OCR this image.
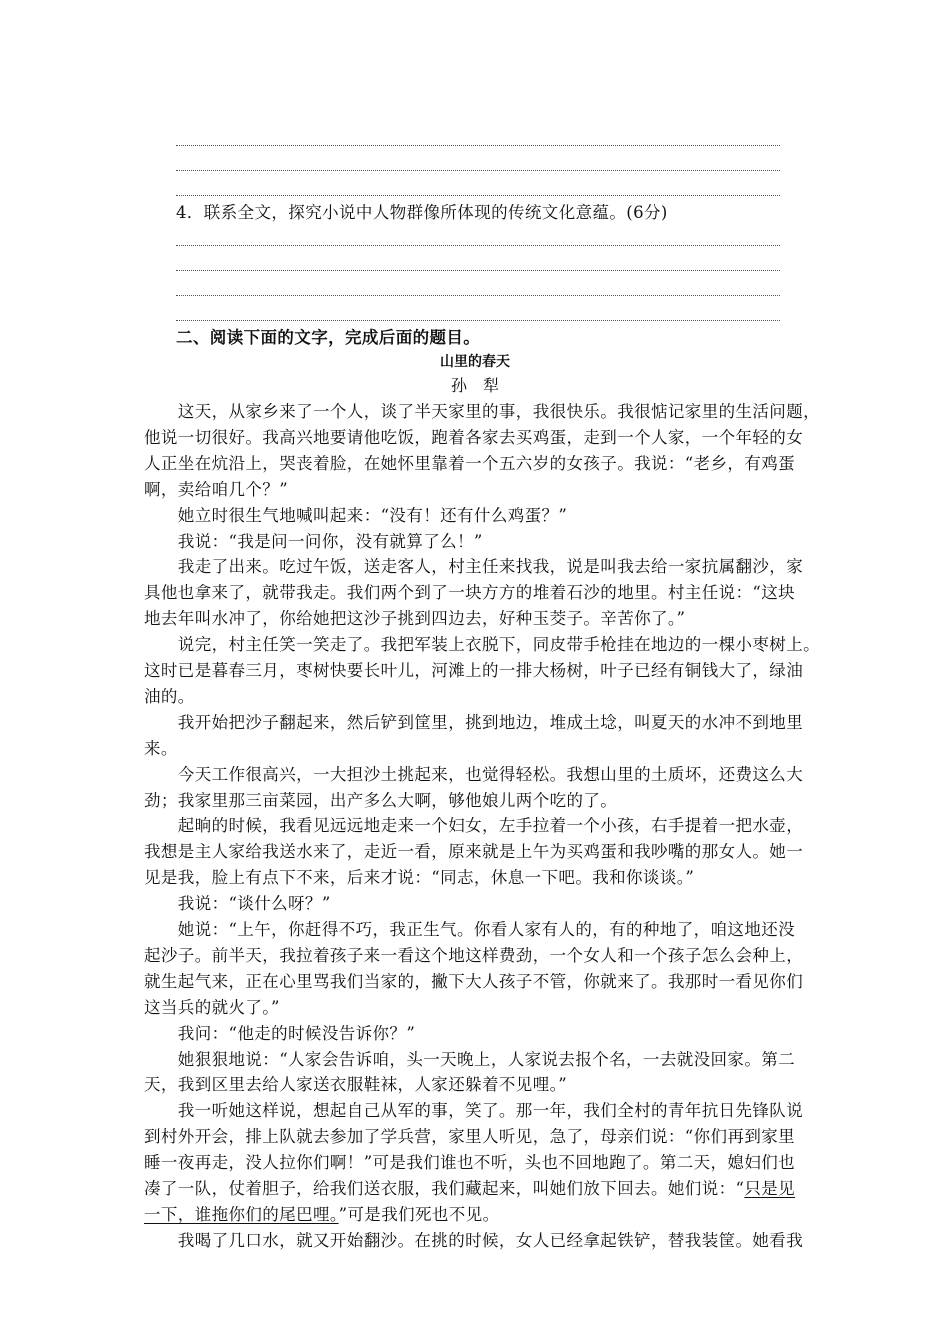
4．联系全文，探究小说中人物群像所体现的传统文化意蕴。(6分)
二、阅读下面的文字，完成后面的题目。
山里的春天
孙　犁
　　这天，从家乡来了一个人，谈了半天家里的事，我很快乐。我很惦记家里的生活问题，
他说一切很好。我高兴地要请他吃饭，跑着各家去买鸡蛋，走到一个人家，一个年轻的女
人正坐在炕沿上，哭丧着脸，在她怀里靠着一个五六岁的女孩子。我说：“老乡，有鸡蛋
啊，卖给咱几个？”
　　她立时很生气地喊叫起来：“没有！还有什么鸡蛋？”
　　我说：“我是问一问你，没有就算了么！”
　　我走了出来。吃过午饭，送走客人，村主任来找我，说是叫我去给一家抗属翻沙，家
具他也拿来了，就带我走。我们两个到了一块方方的堆着石沙的地里。村主任说：“这块
地去年叫水冲了，你给她把这沙子挑到四边去，好种玉茭子。辛苦你了。”
　　说完，村主任笑一笑走了。我把军装上衣脱下，同皮带手枪挂在地边的一棵小枣树上。
这时已是暮春三月，枣树快要长叶儿，河滩上的一排大杨树，叶子已经有铜钱大了，绿油
油的。
　　我开始把沙子翻起来，然后铲到筐里，挑到地边，堆成土埝，叫夏天的水冲不到地里
来。
　　今天工作很高兴，一大担沙土挑起来，也觉得轻松。我想山里的土质坏，还费这么大
劲；我家里那三亩菜园，出产多么大啊，够他娘儿两个吃的了。
　　起晌的时候，我看见远远地走来一个妇女，左手拉着一个小孩，右手提着一把水壶，
我想是主人家给我送水来了，走近一看，原来就是上午为买鸡蛋和我吵嘴的那女人。她一
见是我，脸上有点下不来，后来才说：“同志，休息一下吧。我和你谈谈。”
　　我说：“谈什么呀？”
　　她说：“上午，你赶得不巧，我正生气。你看人家有人的，有的种地了，咱这地还没
起沙子。前半天，我拉着孩子来一看这个地这样费劲，一个女人和一个孩子怎么会种上，
就生起气来，正在心里骂我们当家的，撇下大人孩子不管，你就来了。我那时一看见你们
这当兵的就火了。”
　　我问：“他走的时候没告诉你？”
　　她狠狠地说：“人家会告诉咱，头一天晚上，人家说去报个名，一去就没回家。第二
天，我到区里去给人家送衣服鞋袜，人家还躲着不见哩。”
　　我一听她这样说，想起自己从军的事，笑了。那一年，我们全村的青年抗日先锋队说
到村外开会，排上队就去参加了学兵营，家里人听见，急了，母亲们说：“你们再到家里
睡一夜再走，没人拉你们啊！”可是我们谁也不听，头也不回地跑了。第二天，媳妇们也
凑了一队，仗着胆子，给我们送衣服，我们藏起来，叫她们放下回去。她们说：“只是见
一下，谁拖你们的尾巴哩。”可是我们死也不见。
　　我喝了几口水，就又开始翻沙。在挑的时候，女人已经拿起铁铲，替我装筐。她看我
